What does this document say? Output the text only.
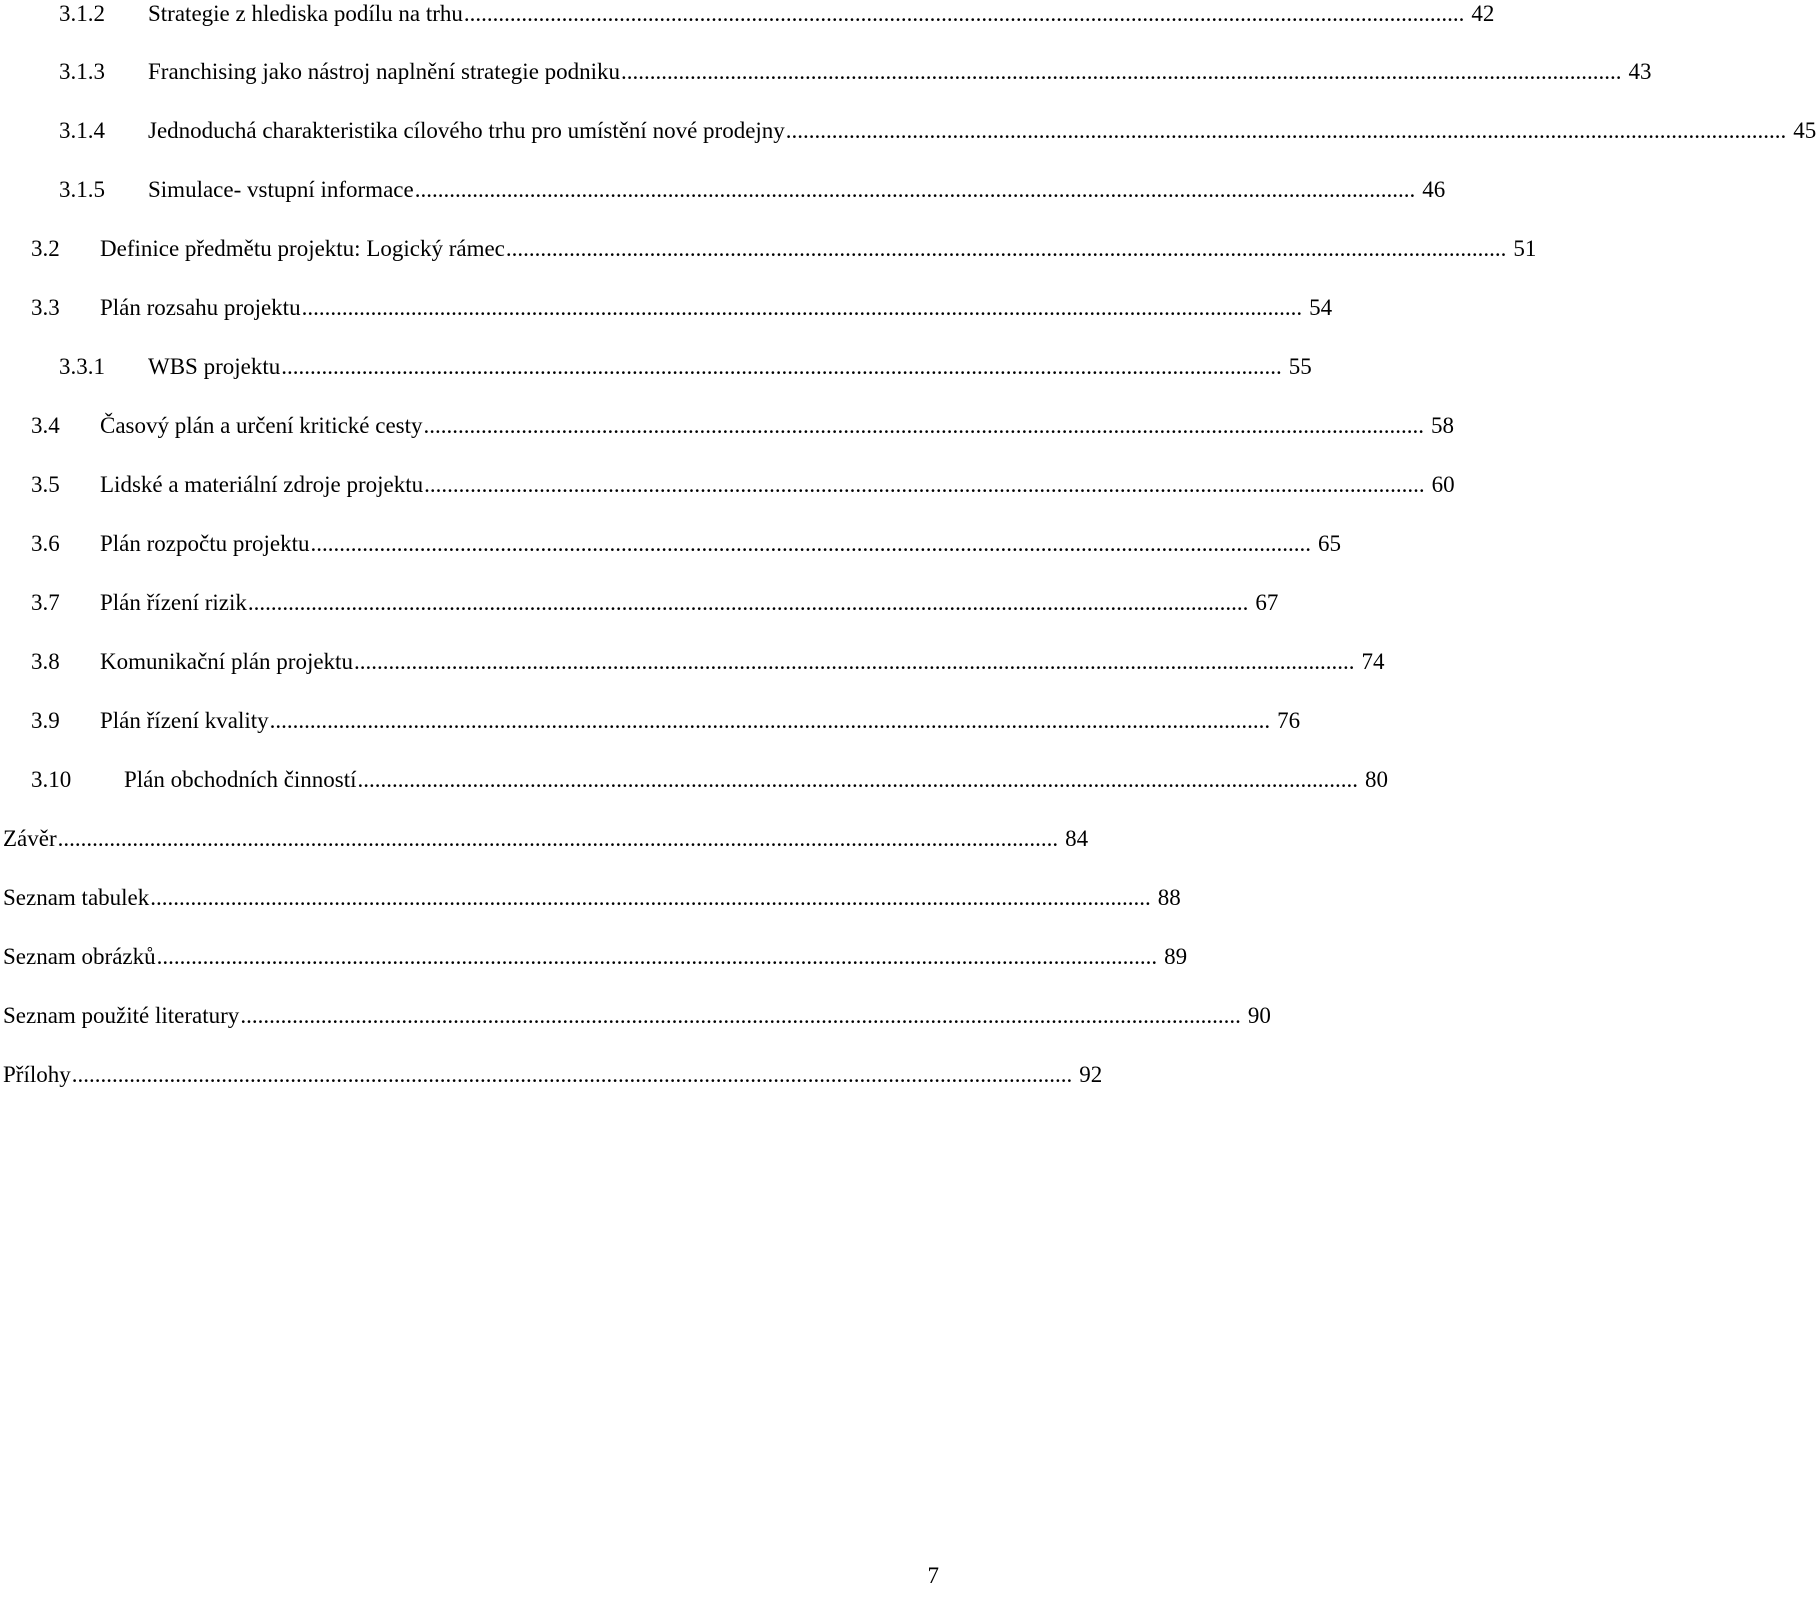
3.1.2 Strategie z hlediska podílu na trhu .............................................................................................................................................................................. 42
3.1.3 Franchising jako nástroj naplnění strategie podniku .............................................................................................................................................................................. 43
3.1.4 Jednoduchá charakteristika cílového trhu pro umístění nové prodejny .............................................................................................................................................................................. 45
3.1.5 Simulace- vstupní informace .............................................................................................................................................................................. 46
3.2 Definice předmětu projektu: Logický rámec .............................................................................................................................................................................. 51
3.3 Plán rozsahu projektu .............................................................................................................................................................................. 54
3.3.1 WBS projektu .............................................................................................................................................................................. 55
3.4 Časový plán a určení kritické cesty .............................................................................................................................................................................. 58
3.5 Lidské a materiální zdroje projektu .............................................................................................................................................................................. 60
3.6 Plán rozpočtu projektu .............................................................................................................................................................................. 65
3.7 Plán řízení rizik .............................................................................................................................................................................. 67
3.8 Komunikační plán projektu .............................................................................................................................................................................. 74
3.9 Plán řízení kvality .............................................................................................................................................................................. 76
3.10 Plán obchodních činností .............................................................................................................................................................................. 80
Závěr .............................................................................................................................................................................. 84
Seznam tabulek .............................................................................................................................................................................. 88
Seznam obrázků .............................................................................................................................................................................. 89
Seznam použité literatury .............................................................................................................................................................................. 90
Přílohy .............................................................................................................................................................................. 92
7
